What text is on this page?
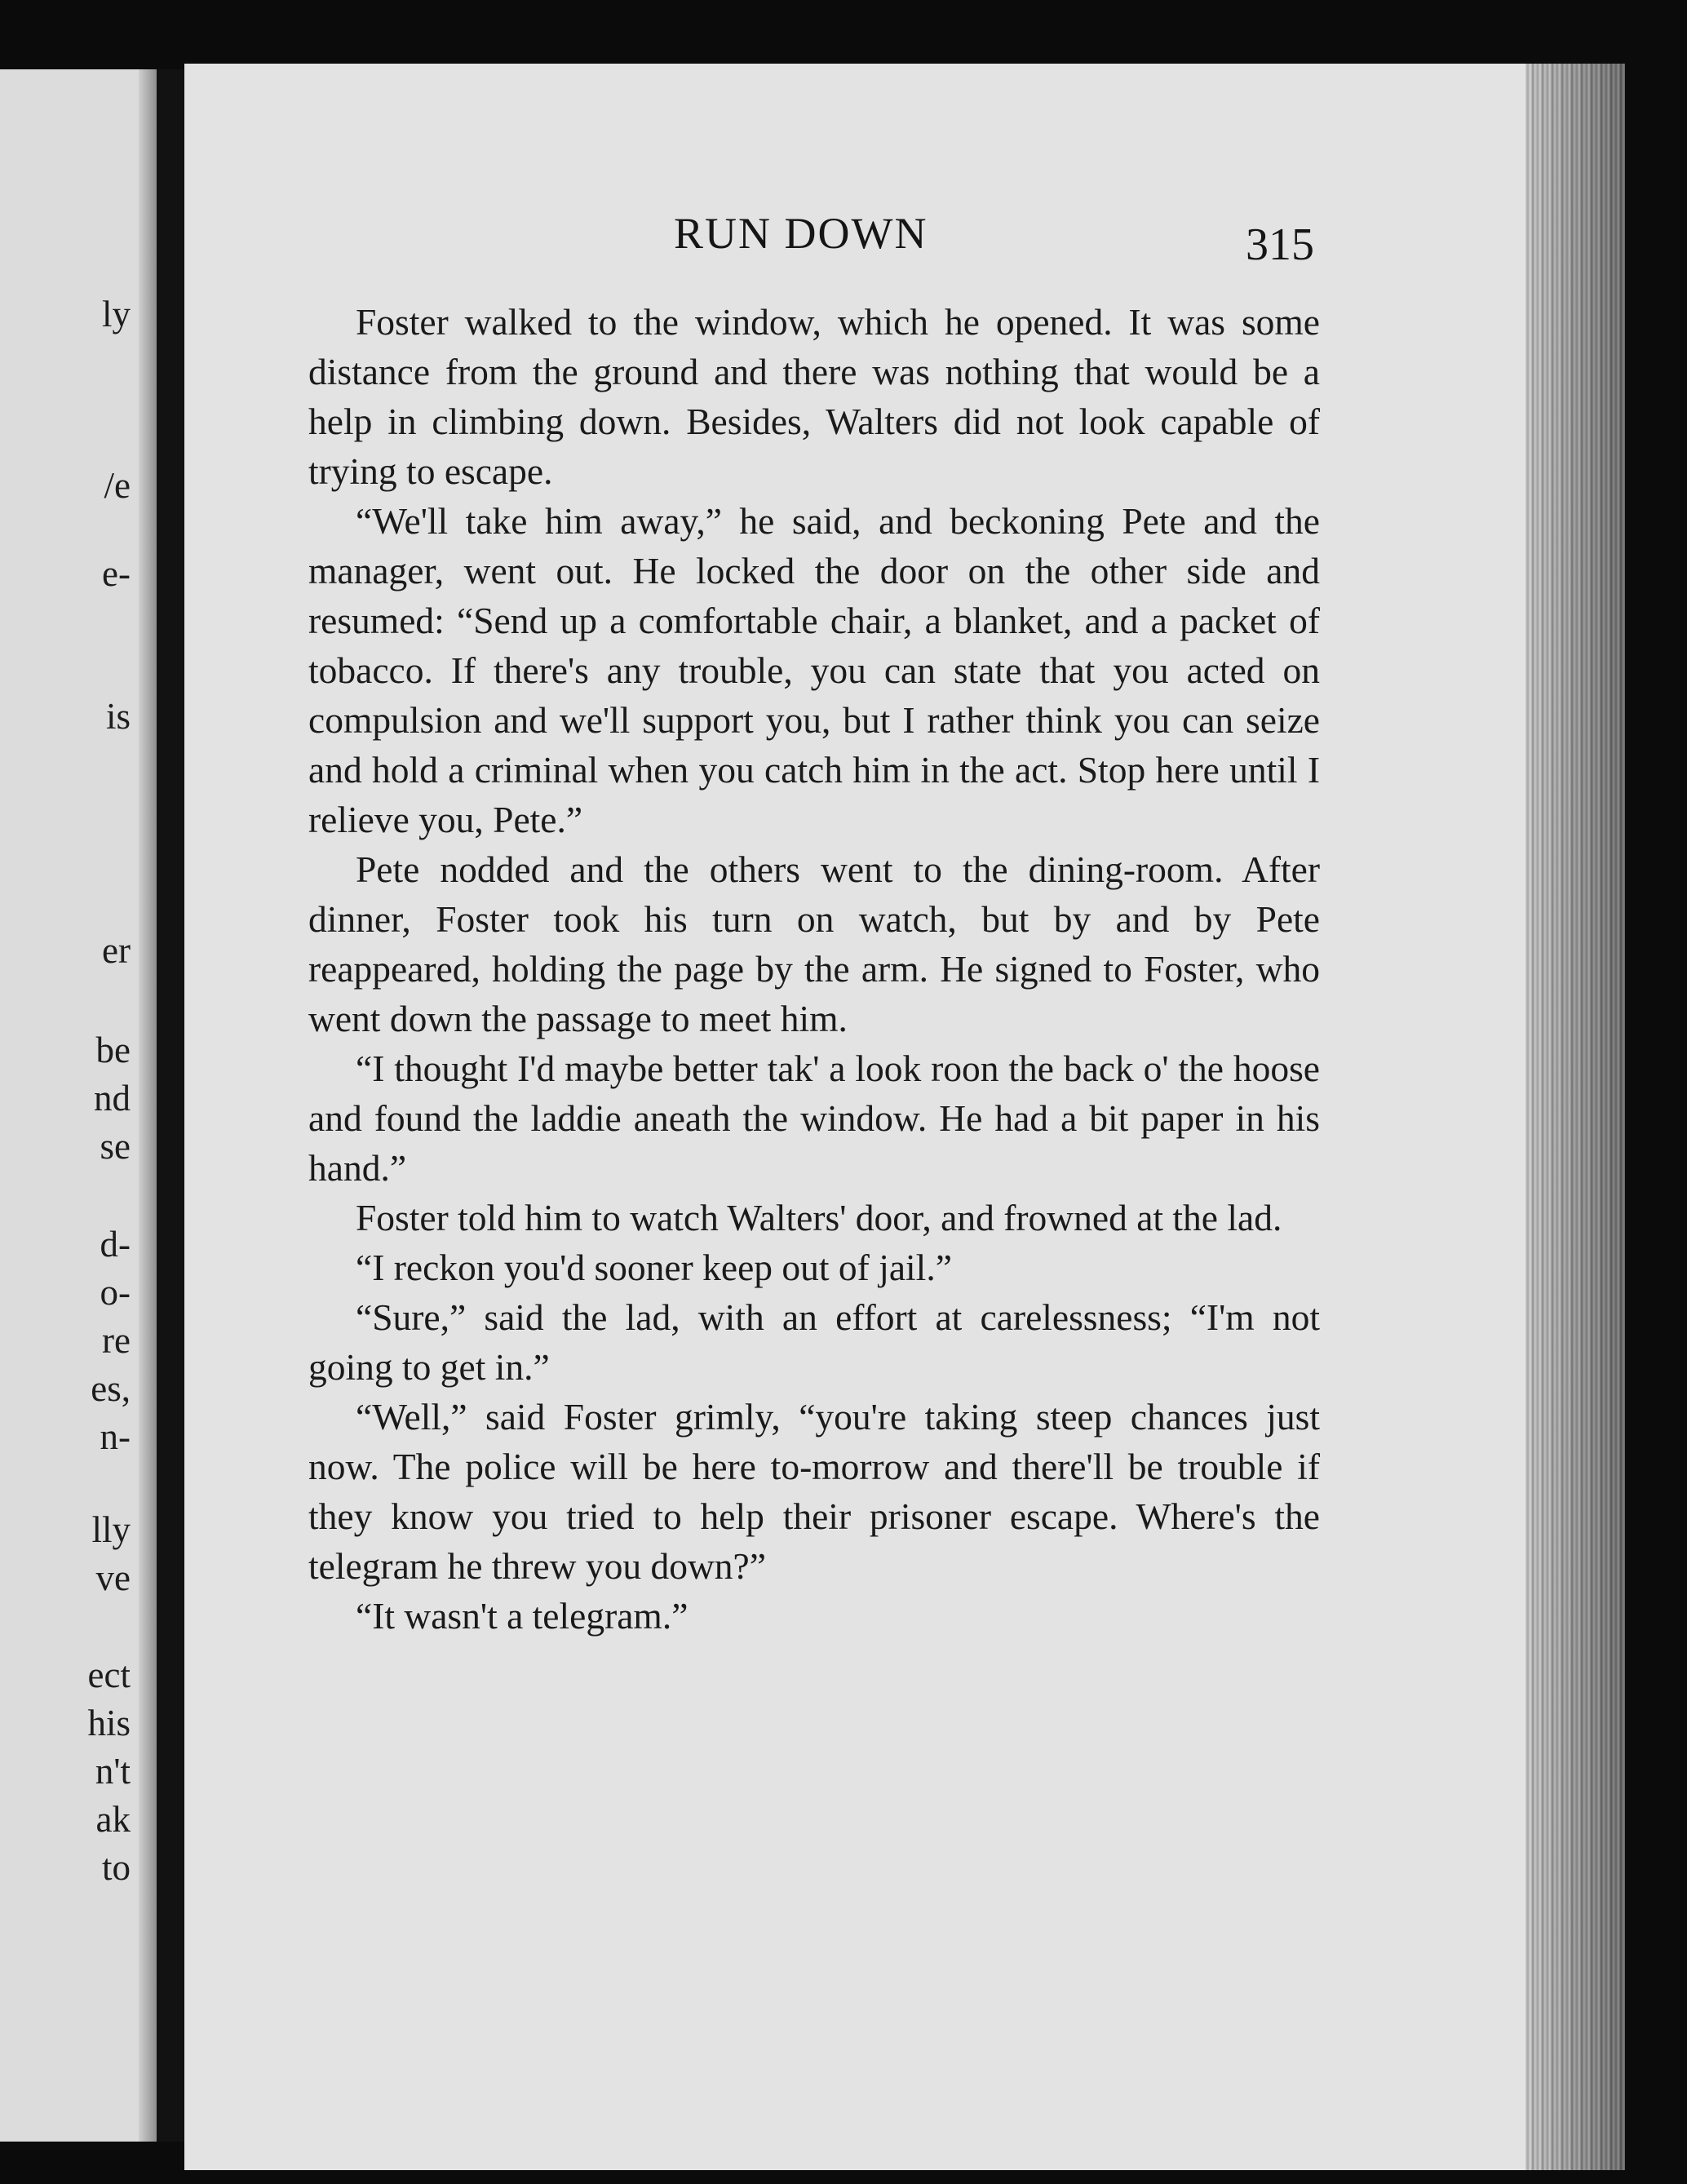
ly
/e
e-
is
er
be
nd
se
d-
o-
re
es,
n-
lly
ve
ect
his
n't
ak
to
RUN DOWN	315

Foster walked to the window, which he opened. It was some distance from the ground and there was nothing that would be a help in climbing down. Besides, Walters did not look capable of trying to escape.

“We'll take him away,” he said, and beckoning Pete and the manager, went out. He locked the door on the other side and resumed: “Send up a comfortable chair, a blanket, and a packet of tobacco. If there's any trouble, you can state that you acted on compulsion and we'll support you, but I rather think you can seize and hold a criminal when you catch him in the act. Stop here until I relieve you, Pete.”

Pete nodded and the others went to the dining-room. After dinner, Foster took his turn on watch, but by and by Pete reappeared, holding the page by the arm. He signed to Foster, who went down the passage to meet him.

“I thought I'd maybe better tak' a look roon the back o' the hoose and found the laddie aneath the window. He had a bit paper in his hand.”

Foster told him to watch Walters' door, and frowned at the lad.

“I reckon you'd sooner keep out of jail.”

“Sure,” said the lad, with an effort at carelessness; “I'm not going to get in.”

“Well,” said Foster grimly, “you're taking steep chances just now. The police will be here to-morrow and there'll be trouble if they know you tried to help their prisoner escape. Where's the telegram he threw you down?”

“It wasn't a telegram.”
